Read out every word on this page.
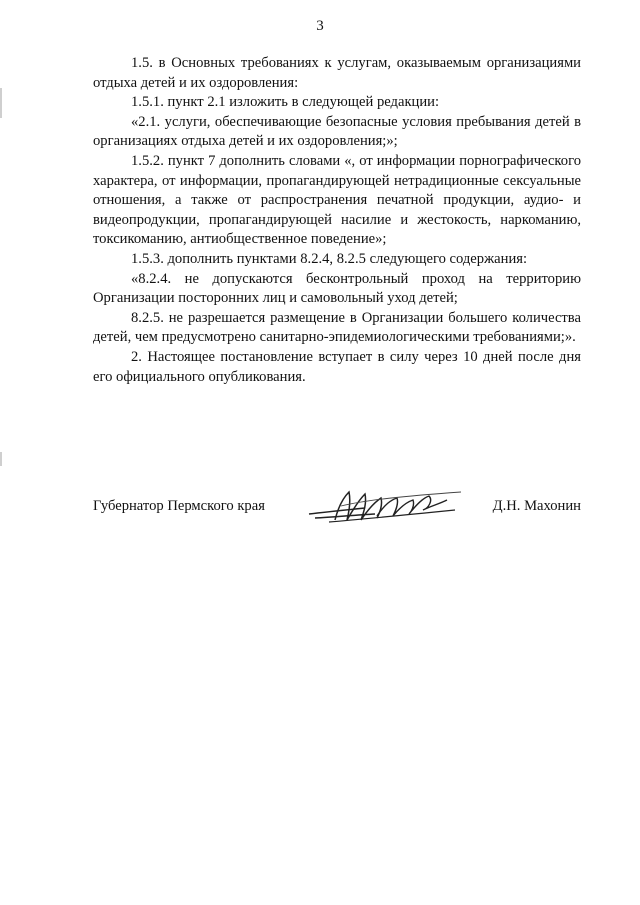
3

1.5. в Основных требованиях к услугам, оказываемым организациями отдыха детей и их оздоровления:

1.5.1. пункт 2.1 изложить в следующей редакции:

«2.1. услуги, обеспечивающие безопасные условия пребывания детей в организациях отдыха детей и их оздоровления;»;

1.5.2. пункт 7 дополнить словами «, от информации порнографического характера, от информации, пропагандирующей нетрадиционные сексуальные отношения, а также от распространения печатной продукции, аудио- и видеопродукции, пропагандирующей насилие и жестокость, наркоманию, токсикоманию, антиобщественное поведение»;

1.5.3. дополнить пунктами 8.2.4, 8.2.5 следующего содержания:

«8.2.4. не допускаются бесконтрольный проход на территорию Организации посторонних лиц и самовольный уход детей;

8.2.5. не разрешается размещение в Организации большего количества детей, чем предусмотрено санитарно-эпидемиологическими требованиями;».

2. Настоящее постановление вступает в силу через 10 дней после дня его официального опубликования.

Губернатор Пермского края	Д.Н. Махонин
